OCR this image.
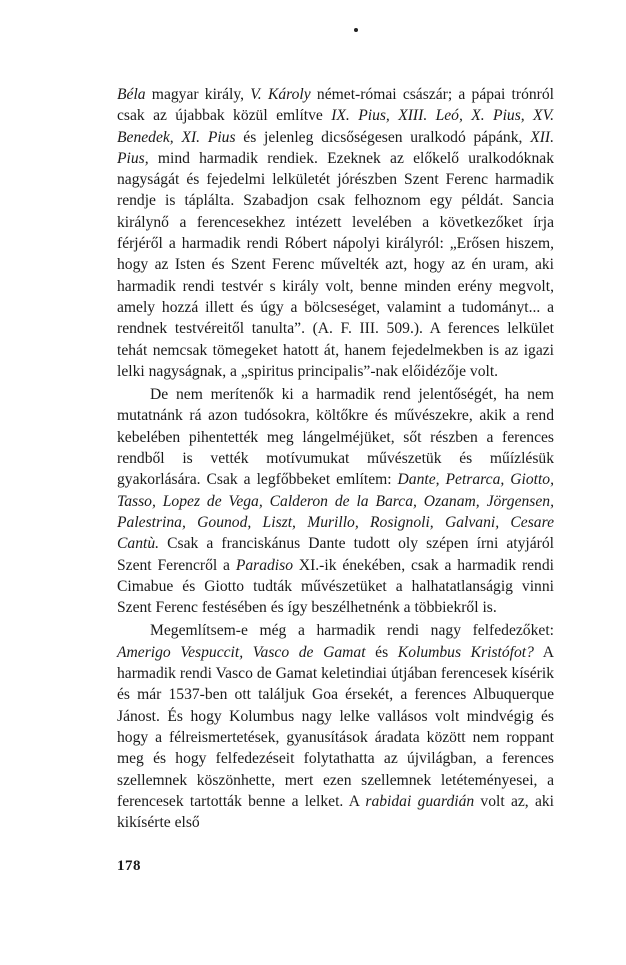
Béla magyar király, V. Károly német-római császár; a pápai trónról csak az újabbak közül említve IX. Pius, XIII. Leó, X. Pius, XV. Benedek, XI. Pius és jelenleg dicsőségesen uralkodó pápánk, XII. Pius, mind harmadik rendiek. Ezeknek az előkelő uralkodóknak nagyságát és fejedelmi lelkületét jórészben Szent Ferenc harmadik rendje is táplálta. Szabadjon csak felhoznom egy példát. Sancia királynő a ferencesekhez intézett levelében a következőket írja férjéről a harmadik rendi Róbert nápolyi királyról: „Erősen hiszem, hogy az Isten és Szent Ferenc művelték azt, hogy az én uram, aki harmadik rendi testvér s király volt, benne minden erény megvolt, amely hozzá illett és úgy a bölcseséget, valamint a tudományt... a rendnek testvéreitől tanulta”. (A. F. III. 509.). A ferences lelkület tehát nemcsak tömegeket hatott át, hanem fejedelmekben is az igazi lelki nagyságnak, a „spiritus principalis”-nak előidézője volt.

De nem merítenők ki a harmadik rend jelentőségét, ha nem mutatnánk rá azon tudósokra, költőkre és művészekre, akik a rend kebelében pihentették meg lángelméjüket, sőt részben a ferences rendből is vették motívumukat művészetük és műízlésük gyakorlására. Csak a legfőbbeket említem: Dante, Petrarca, Giotto, Tasso, Lopez de Vega, Calderon de la Barca, Ozanam, Jörgensen, Palestrina, Gounod, Liszt, Murillo, Rosignoli, Galvani, Cesare Cantù. Csak a franciskánus Dante tudott oly szépen írni atyjáról Szent Ferencről a Paradiso XI.-ik énekében, csak a harmadik rendi Cimabue és Giotto tudták művészetüket a halhatatlanságig vinni Szent Ferenc festésében és így beszélhetnénk a többiekről is.

Megemlítsem-e még a harmadik rendi nagy felfedezőket: Amerigo Vespuccit, Vasco de Gamat és Kolumbus Kristófot? A harmadik rendi Vasco de Gamat keletindiai útjában ferencesek kísérik és már 1537-ben ott találjuk Goa érsekét, a ferences Albuquerque Jánost. És hogy Kolumbus nagy lelke vallásos volt mindvégig és hogy a félreismertetések, gyanusítások áradata között nem roppant meg és hogy felfedezéseit folytathatta az újvilágban, a ferences szellemnek köszönhette, mert ezen szellemnek letéteményesei, a ferencesek tartották benne a lelket. A rabidai guardián volt az, aki kikísérte első

178
